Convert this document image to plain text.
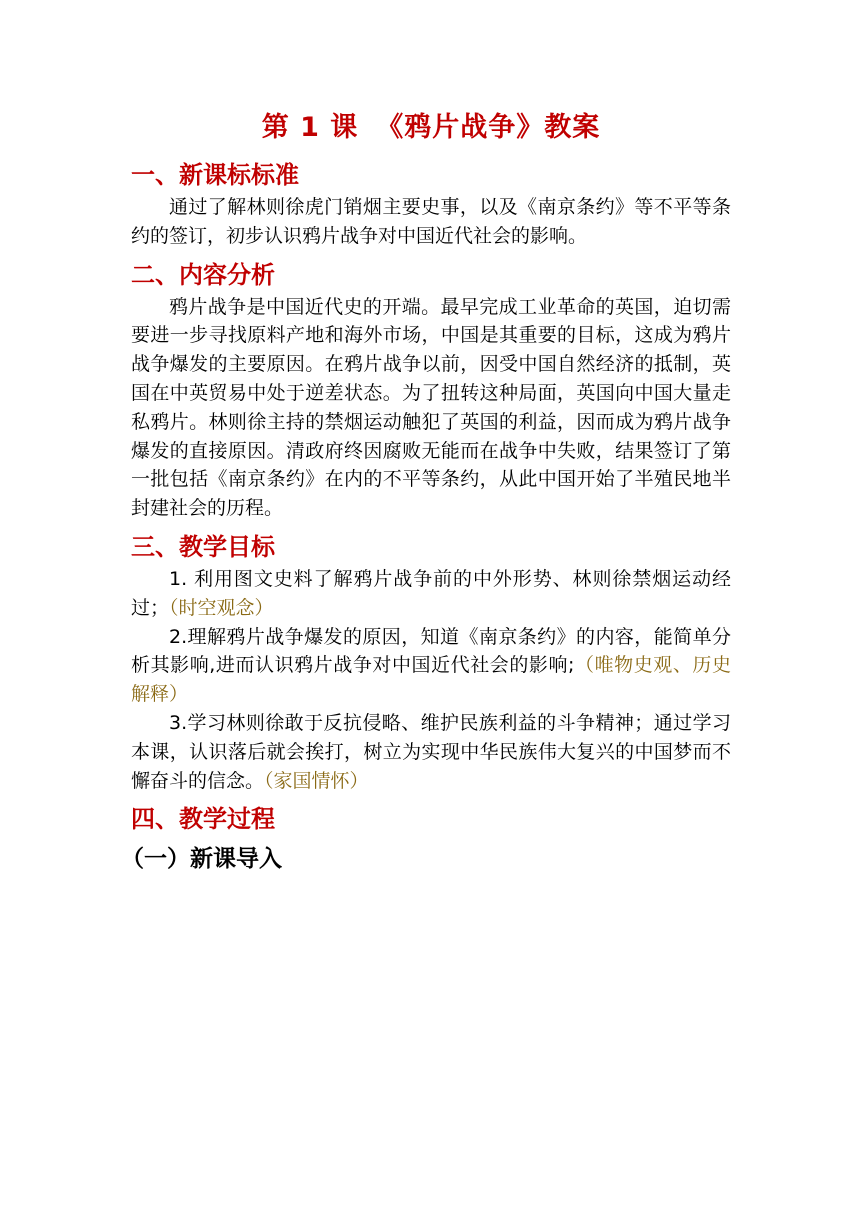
第 1 课 《鸦片战争》教案
一、新课标标准

通过了解林则徐虎门销烟主要史事，以及《南京条约》等不平等条约的签订，初步认识鸦片战争对中国近代社会的影响。

二、内容分析

鸦片战争是中国近代史的开端。最早完成工业革命的英国，迫切需要进一步寻找原料产地和海外市场，中国是其重要的目标，这成为鸦片战争爆发的主要原因。在鸦片战争以前，因受中国自然经济的抵制，英国在中英贸易中处于逆差状态。为了扭转这种局面，英国向中国大量走私鸦片。林则徐主持的禁烟运动触犯了英国的利益，因而成为鸦片战争爆发的直接原因。清政府终因腐败无能而在战争中失败，结果签订了第一批包括《南京条约》在内的不平等条约，从此中国开始了半殖民地半封建社会的历程。

三、教学目标

1. 利用图文史料了解鸦片战争前的中外形势、林则徐禁烟运动经过；（时空观念）

2.理解鸦片战争爆发的原因，知道《南京条约》的内容，能简单分析其影响,进而认识鸦片战争对中国近代社会的影响;（唯物史观、历史解释）

3.学习林则徐敢于反抗侵略、维护民族利益的斗争精神；通过学习本课，认识落后就会挨打，树立为实现中华民族伟大复兴的中国梦而不懈奋斗的信念。（家国情怀）

四、教学过程
（一）新课导入
